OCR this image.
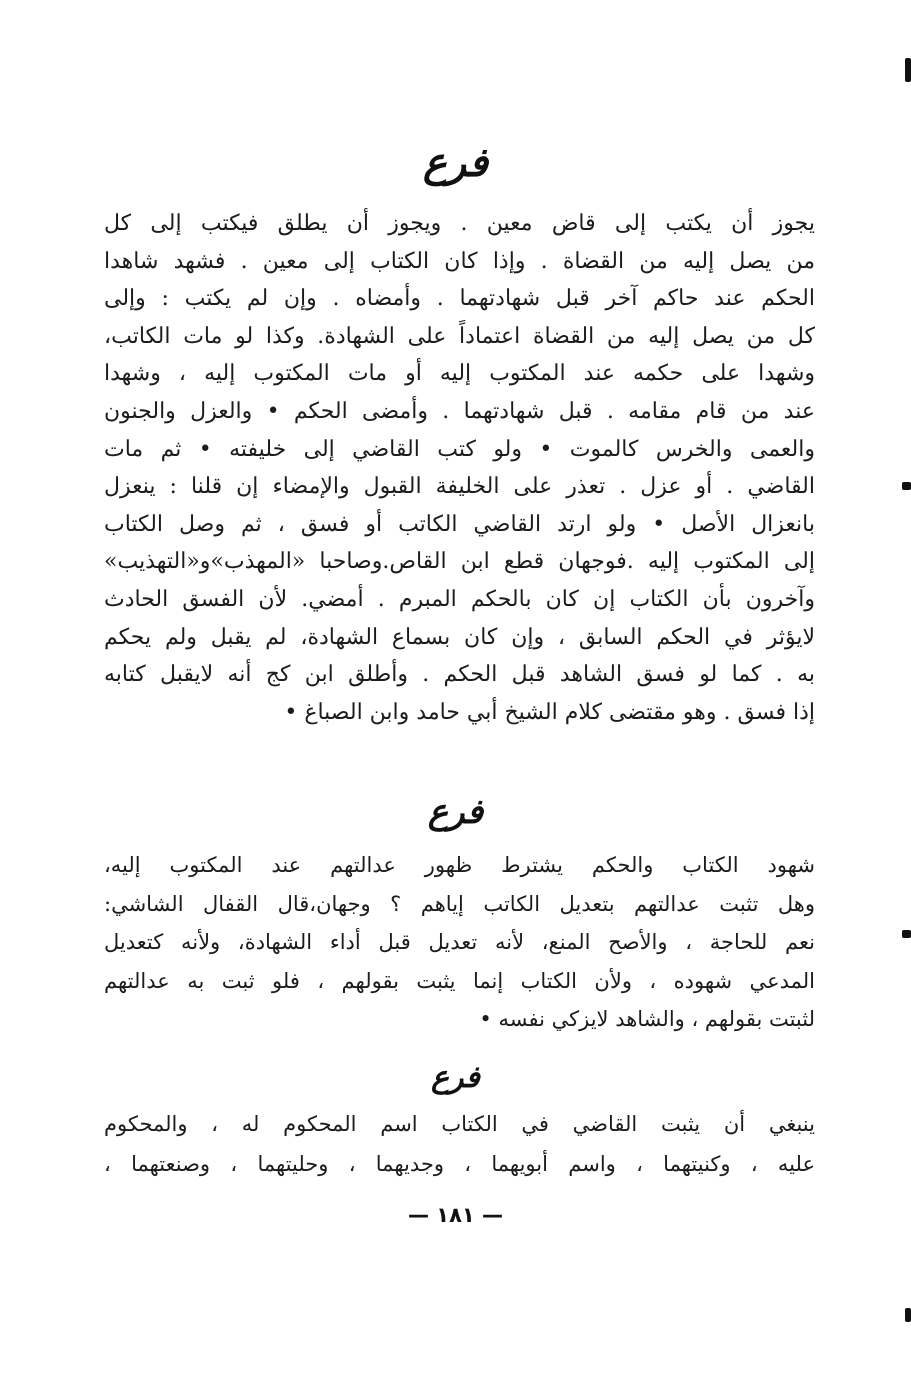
فرع
يجوز أن يكتب إلى قاض معين . ويجوز أن يطلق فيكتب إلى كل
من يصل إليه من القضاة . وإذا كان الكتاب إلى معين . فشهد شاهدا
الحكم عند حاكم آخر قبل شهادتهما . وأمضاه . وإن لم يكتب : وإلى
كل من يصل إليه من القضاة اعتماداً على الشهادة. وكذا لو مات الكاتب،
وشهدا على حكمه عند المكتوب إليه أو مات المكتوب إليه ، وشهدا
عند من قام مقامه . قبل شهادتهما . وأمضى الحكم • والعزل والجنون
والعمى والخرس كالموت • ولو كتب القاضي إلى خليفته • ثم مات
القاضي . أو عزل . تعذر على الخليفة القبول والإمضاء إن قلنا : ينعزل
بانعزال الأصل • ولو ارتد القاضي الكاتب أو فسق ، ثم وصل الكتاب
إلى المكتوب إليه .فوجهان قطع ابن القاص.وصاحبا «المهذب»و«التهذيب»
وآخرون بأن الكتاب إن كان بالحكم المبرم . أمضي. لأن الفسق الحادث
لايؤثر في الحكم السابق ، وإن كان بسماع الشهادة، لم يقبل ولم يحكم
به . كما لو فسق الشاهد قبل الحكم . وأطلق ابن كج أنه لايقبل كتابه
إذا فسق . وهو مقتضى كلام الشيخ أبي حامد وابن الصباغ •
فرع
شهود الكتاب والحكم يشترط ظهور عدالتهم عند المكتوب إليه،
وهل تثبت عدالتهم بتعديل الكاتب إياهم ؟ وجهان،قال القفال الشاشي:
نعم للحاجة ، والأصح المنع، لأنه تعديل قبل أداء الشهادة، ولأنه كتعديل
المدعي شهوده ، ولأن الكتاب إنما يثبت بقولهم ، فلو ثبت به عدالتهم
لثبتت بقولهم ، والشاهد لايزكي نفسه •
فرع
ينبغي أن يثبت القاضي في الكتاب اسم المحكوم له ، والمحكوم
عليه ، وكنيتهما ، واسم أبويهما ، وجديهما ، وحليتهما ، وصنعتهما ،
— ١٨١ —
